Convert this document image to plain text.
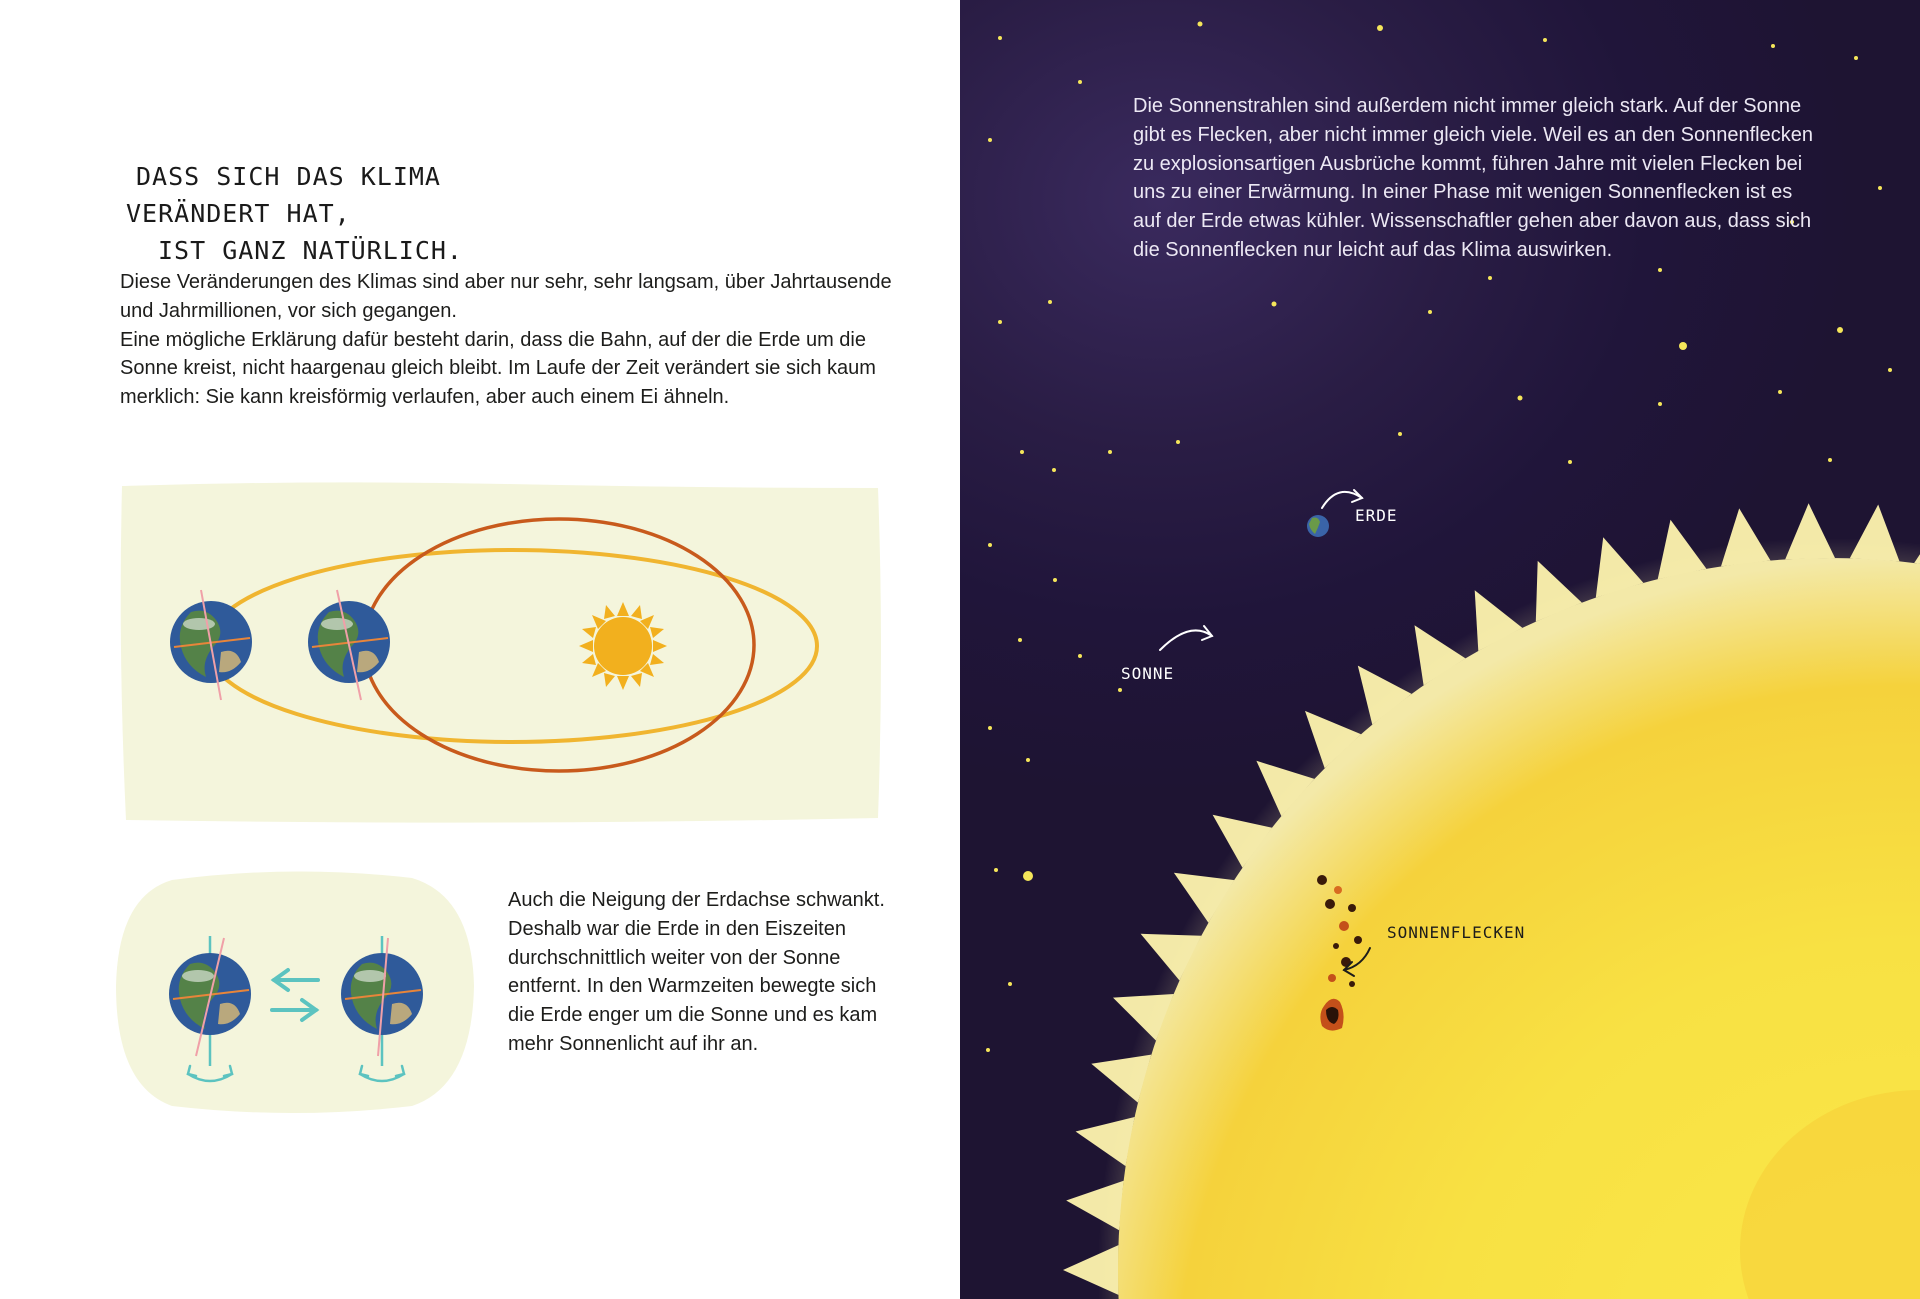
DASS SICH DAS KLIMA
VERÄNDERT HAT,
IST GANZ NATÜRLICH.
Diese Veränderungen des Klimas sind aber nur sehr, sehr langsam, über Jahrtausende und Jahrmillionen, vor sich gegangen.
Eine mögliche Erklärung dafür besteht darin, dass die Bahn, auf der die Erde um die Sonne kreist, nicht haargenau gleich bleibt. Im Laufe der Zeit verändert sie sich kaum merklich: Sie kann kreisförmig verlaufen, aber auch einem Ei ähneln.
Auch die Neigung der Erdachse schwankt. Deshalb war die Erde in den Eiszeiten durchschnittlich weiter von der Sonne entfernt. In den Warmzeiten bewegte sich die Erde enger um die Sonne und es kam mehr Sonnenlicht auf ihr an.
Die Sonnenstrahlen sind außerdem nicht immer gleich stark. Auf der Sonne gibt es Flecken, aber nicht immer gleich viele. Weil es an den Sonnenflecken zu explosionsartigen Ausbrüche kommt, führen Jahre mit vielen Flecken bei uns zu einer Erwärmung. In einer Phase mit wenigen Sonnenflecken ist es auf der Erde etwas kühler. Wissenschaftler gehen aber davon aus, dass sich die Sonnenflecken nur leicht auf das Klima auswirken.
ERDE
SONNE
SONNENFLECKEN
